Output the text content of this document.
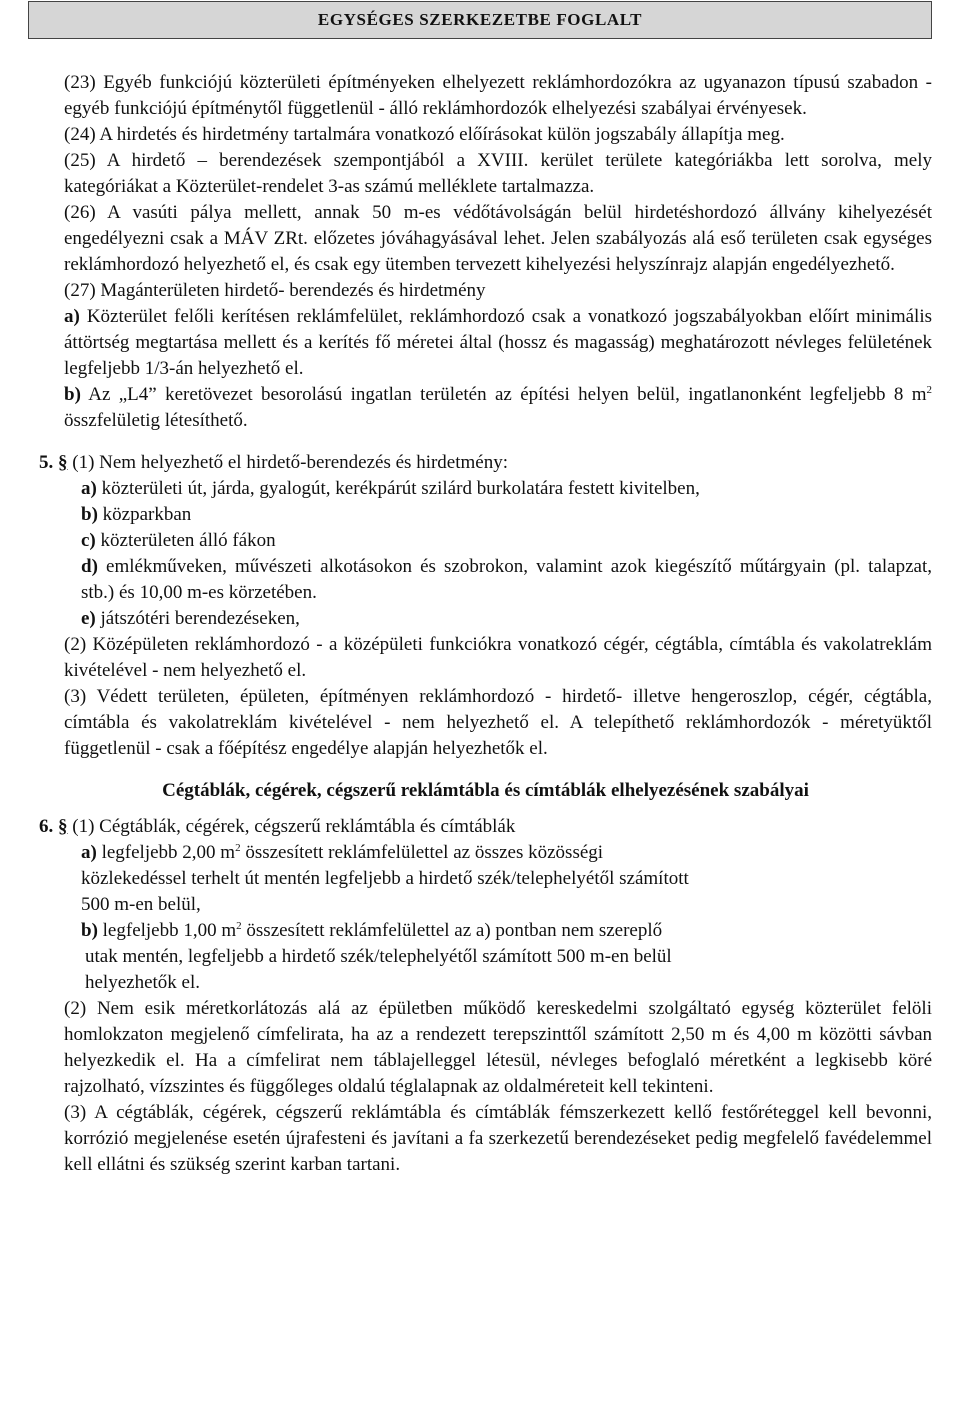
EGYSÉGES SZERKEZETBE FOGLALT

(23) Egyéb funkciójú közterületi építményeken elhelyezett reklámhordozókra az ugyanazon típusú szabadon - egyéb funkciójú építménytől függetlenül - álló reklámhordozók elhelyezési szabályai érvényesek.

(24) A hirdetés és hirdetmény tartalmára vonatkozó előírásokat külön jogszabály állapítja meg.

(25) A hirdető – berendezések szempontjából a XVIII. kerület területe kategóriákba lett sorolva, mely kategóriákat a Közterület-rendelet 3-as számú melléklete tartalmazza.

(26) A vasúti pálya mellett, annak 50 m-es védőtávolságán belül hirdetéshordozó állvány kihelyezését engedélyezni csak a MÁV ZRt. előzetes jóváhagyásával lehet. Jelen szabályozás alá eső területen csak egységes reklámhordozó helyezhető el, és csak egy ütemben tervezett kihelyezési helyszínrajz alapján engedélyezhető.

(27) Magánterületen hirdető- berendezés és hirdetmény

a) Közterület felőli kerítésen reklámfelület, reklámhordozó csak a vonatkozó jogszabályokban előírt minimális áttörtség megtartása mellett és a kerítés fő méretei által (hossz és magasság) meghatározott névleges felületének legfeljebb 1/3-án helyezhető el.

b) Az „L4” keretövezet besorolású ingatlan területén az építési helyen belül, ingatlanonként legfeljebb 8 $m^2$ összfelületig létesíthető.

5. § (1) Nem helyezhető el hirdető-berendezés és hirdetmény:

a) közterületi út, járda, gyalogút, kerékpárút szilárd burkolatára festett kivitelben,

b) közparkban

c) közterületen álló fákon

d) emlékműveken, művészeti alkotásokon és szobrokon, valamint azok kiegészítő műtárgyain (pl. talapzat, stb.) és 10,00 m-es körzetében.

e) játszótéri berendezéseken,

(2) Középületen reklámhordozó - a középületi funkciókra vonatkozó cégér, cégtábla, címtábla és vakolatreklám kivételével - nem helyezhető el.

(3) Védett területen, épületen, építményen reklámhordozó - hirdető- illetve hengeroszlop, cégér, cégtábla, címtábla és vakolatreklám kivételével - nem helyezhető el. A telepíthető reklámhordozók - méretyüktől függetlenül - csak a főépítész engedélye alapján helyezhetők el.

Cégtáblák, cégérek, cégszerű reklámtábla és címtáblák elhelyezésének szabályai

6. § (1) Cégtáblák, cégérek, cégszerű reklámtábla és címtáblák

a) legfeljebb 2,00 $m^2$ összesített reklámfelülettel az összes közösségi

közlekedéssel terhelt út mentén legfeljebb a hirdető szék/telephelyétől számított

500 m-en belül,

b) legfeljebb 1,00 $m^2$ összesített reklámfelülettel az a) pontban nem szereplő

utak mentén, legfeljebb a hirdető szék/telephelyétől számított 500 m-en belül

helyezhetők el.

(2) Nem esik méretkorlátozás alá az épületben működő kereskedelmi szolgáltató egység közterület felöli homlokzaton megjelenő címfelirata, ha az a rendezett terepszinttől számított 2,50 m és 4,00 m közötti sávban helyezkedik el. Ha a címfelirat nem táblajelleggel létesül, névleges befoglaló méretként a legkisebb köré rajzolható, vízszintes és függőleges oldalú téglalapnak az oldalméreteit kell tekinteni.

(3) A cégtáblák, cégérek, cégszerű reklámtábla és címtáblák fémszerkezett kellő festőréteggel kell bevonni, korrózió megjelenése esetén újrafesteni és javítani a fa szerkezetű berendezéseket pedig megfelelő favédelemmel kell ellátni és szükség szerint karban tartani.
